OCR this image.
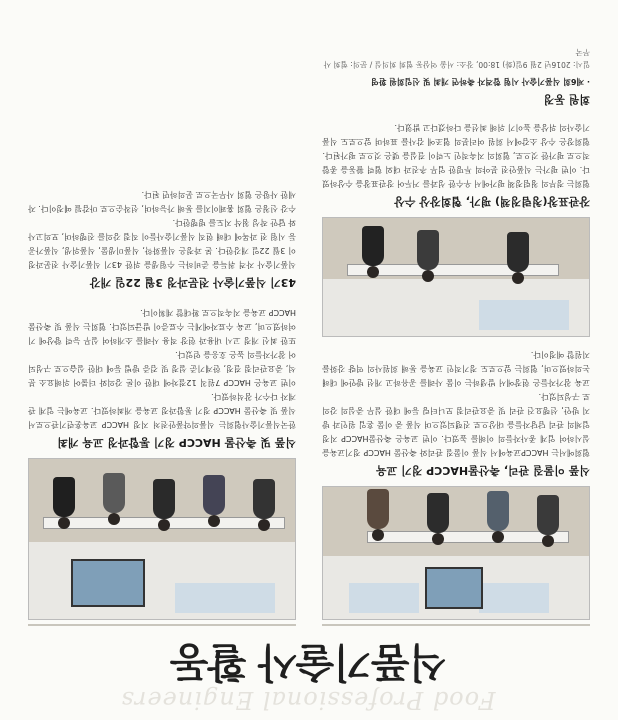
Food Professional Engineers
식품기술사 활동
식품 이물질 관리, 축산물HACCP 정기 교육

협회에서는 HACCP교육에서 식품 이물질 관리와 축산물 HACCP 정기교육을 실시하여 업계 종사자들의 이해를 높였다. 이번 교육은 축산물HACCP 지정 업체의 관리 담당자들을 대상으로 진행되었으며 식품 중 이물 혼입 원인과 방지 방안, 선행요건 관리 및 중요관리점 모니터링 등에 대한 실무 중심의 강의로 구성되었다.

교육 참가자들은 현장에서 발생하는 이물 사례를 공유하고 개선 방안에 대해 논의하였으며, 협회는 앞으로도 정기적인 교육을 통해 회원사의 역량 강화를 지원할 예정이다.

장관표창(청렴정책) 평가, 협회장상 수상

협회는 정부의 청렴정책 평가에서 우수한 성과를 거두어 장관표창을 수상하였다. 이번 평가는 식품안전 분야의 투명한 업무 추진과 대외 협력 활동을 종합적으로 평가한 것으로, 협회의 지속적인 노력이 결실을 맺은 것으로 평가된다.

협회장은 수상 소감에서 회원 여러분의 협조에 감사를 표하며 앞으로도 식품기술사의 위상을 높이기 위해 최선을 다하겠다고 밝혔다.

회원 동정
· 제6회 식품기술사 시험 합격자 축하연 개최 및 신입회원 환영

일시: 2016년 2월 9일(화) 18:00, 장소: 서울 역삼동 협회 회의실 / 문의: 협회 사무국

식품 및 축산물 HACCP 정기 통합과정 교육 개최

한국식품기술사협회는 식품의약품안전처 지정 HACCP 교육훈련기관으로서 식품 및 축산물 HACCP 정기 통합과정 교육을 개최하였다. 교육에는 업계 관계자 다수가 참석하였다.

이번 교육은 HACCP 7원칙 12절차에 대한 이론 강의와 더불어 위해요소 분석, 중요관리점 결정, 한계기준 설정 및 검증 방법 등에 대한 실습으로 구성되어 참가자들의 높은 호응을 얻었다.

또한 최신 개정 고시 내용과 현장 적용 사례를 소개하여 실무 능력 향상에 기여하였으며, 교육 수료자에게는 수료증이 발급되었다. 협회는 식품 및 축산물 HACCP 교육을 지속적으로 확대할 계획이다.

43기 식품기술사 전문과정 3월 22일 개강

식품기술사 자격 취득을 준비하는 수험생을 위한 43기 식품기술사 전문과정이 3월 22일 개강한다. 본 과정은 식품화학, 식품미생물, 식품위생, 식품가공 등 시험 전 과목에 대해 현직 식품기술사들이 직접 강의를 진행하며, 모의고사와 답안 작성 첨삭 지도를 병행한다.

수강 신청은 협회 홈페이지를 통해 가능하며, 선착순으로 마감될 예정이다. 자세한 사항은 협회 사무국으로 문의하면 된다.
